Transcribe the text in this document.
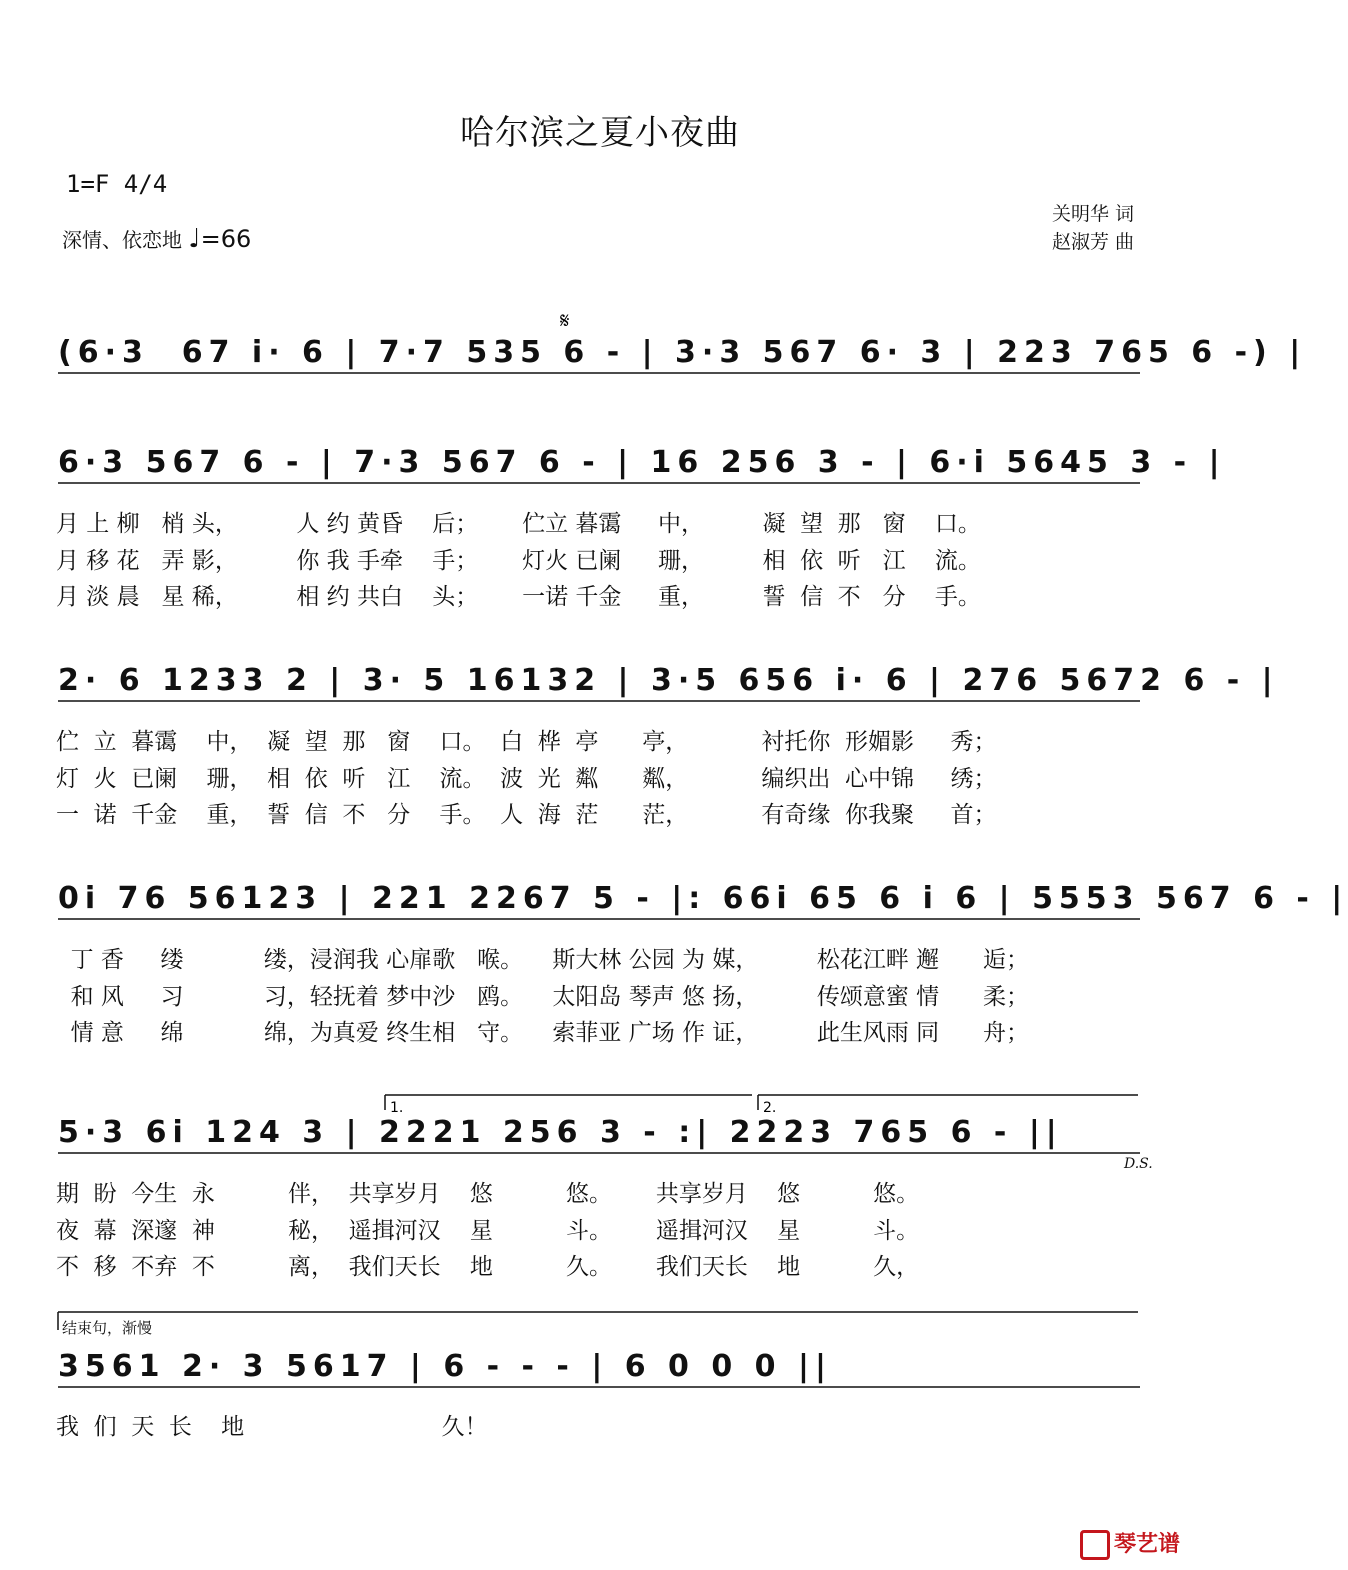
哈尔滨之夏小夜曲
1=F 4/4
深情、依恋地 ♩=66
关明华 词
赵淑芳 曲
1.	2.
𝄋
结束句，渐慢
D.S.
(6·3  67 i· 6 | 7·7 535 6 - | 3·3 567 6· 3 | 223 765 6 -) |
6·3 567 6 - | 7·3 567 6 - | 16 256 3 - | 6·i 5645 3 - |
月 上 柳   梢 头，        人 约 黄昏    后；      伫立 暮霭     中，        凝  望  那   窗    口。
月 移 花   弄 影，        你 我 手牵    手；      灯火 已阑     珊，        相  依  听   江    流。
月 淡 晨   星 稀，        相 约 共白    头；      一诺 千金     重，        誓  信  不   分    手。
2· 6 1233 2 | 3· 5 16132 | 3·5 656 i· 6 | 276 5672 6 - |
伫  立  暮霭    中，  凝  望  那   窗    口。  白  桦  亭      亭，          衬托你  形媚影     秀；
灯  火  已阑    珊，  相  依  听   江    流。  波  光  粼      粼，          编织出  心中锦     绣；
一  诺  千金    重，  誓  信  不   分    手。  人  海  茫      茫，          有奇缘  你我聚     首；
0i 76 56123 | 221 2267 5 - |: 66i 65 6 i 6 | 5553 567 6 - |
丁 香     缕           缕，浸润我 心扉歌   喉。    斯大林 公园 为 媒，        松花江畔 邂      逅；
和 风     习           习，轻抚着 梦中沙   鸥。    太阳岛 琴声 悠 扬，        传颂意蜜 情      柔；
情 意     绵           绵，为真爱 终生相   守。    索菲亚 广场 作 证，        此生风雨 同      舟；
5·3 6i 124 3 | 2221 256 3 - :| 2223 765 6 - ||
期  盼  今生  永          伴，  共享岁月    悠          悠。      共享岁月    悠          悠。
夜  幕  深邃  神          秘，  遥揖河汉    星          斗。      遥揖河汉    星          斗。
不  移  不弃  不          离，  我们天长    地          久。      我们天长    地          久，
3561 2· 3 5617 | 6 - - - | 6 0 0 0 ||
我  们  天  长    地                           久！
琴艺谱
